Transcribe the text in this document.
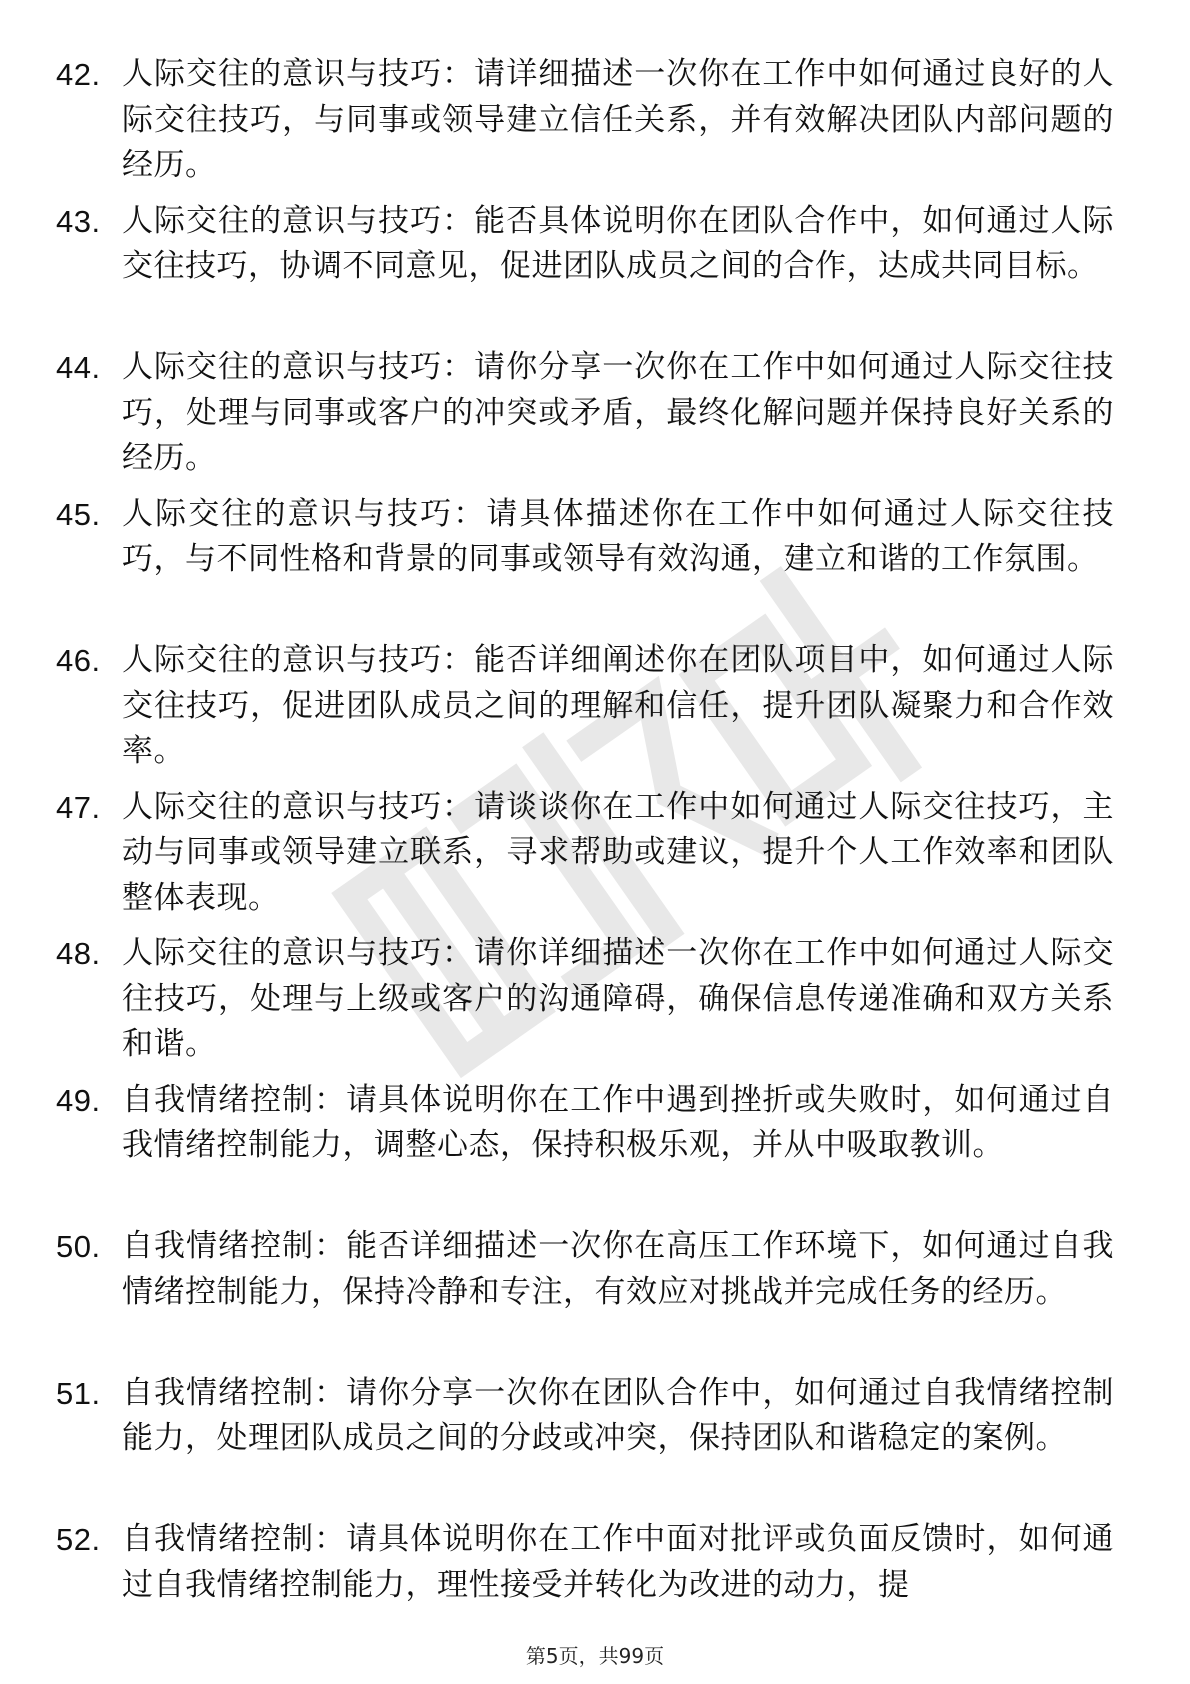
42. 人际交往的意识与技巧：请详细描述一次你在工作中如何通过良好的人际交往技巧，与同事或领导建立信任关系，并有效解决团队内部问题的经历。
43. 人际交往的意识与技巧：能否具体说明你在团队合作中，如何通过人际交往技巧，协调不同意见，促进团队成员之间的合作，达成共同目标。
44. 人际交往的意识与技巧：请你分享一次你在工作中如何通过人际交往技巧，处理与同事或客户的冲突或矛盾，最终化解问题并保持良好关系的经历。
45. 人际交往的意识与技巧：请具体描述你在工作中如何通过人际交往技巧，与不同性格和背景的同事或领导有效沟通，建立和谐的工作氛围。
46. 人际交往的意识与技巧：能否详细阐述你在团队项目中，如何通过人际交往技巧，促进团队成员之间的理解和信任，提升团队凝聚力和合作效率。
47. 人际交往的意识与技巧：请谈谈你在工作中如何通过人际交往技巧，主动与同事或领导建立联系，寻求帮助或建议，提升个人工作效率和团队整体表现。
48. 人际交往的意识与技巧：请你详细描述一次你在工作中如何通过人际交往技巧，处理与上级或客户的沟通障碍，确保信息传递准确和双方关系和谐。
49. 自我情绪控制：请具体说明你在工作中遇到挫折或失败时，如何通过自我情绪控制能力，调整心态，保持积极乐观，并从中吸取教训。
50. 自我情绪控制：能否详细描述一次你在高压工作环境下，如何通过自我情绪控制能力，保持冷静和专注，有效应对挑战并完成任务的经历。
51. 自我情绪控制：请你分享一次你在团队合作中，如何通过自我情绪控制能力，处理团队成员之间的分歧或冲突，保持团队和谐稳定的案例。
52. 自我情绪控制：请具体说明你在工作中面对批评或负面反馈时，如何通过自我情绪控制能力，理性接受并转化为改进的动力，提
第5页，共99页
